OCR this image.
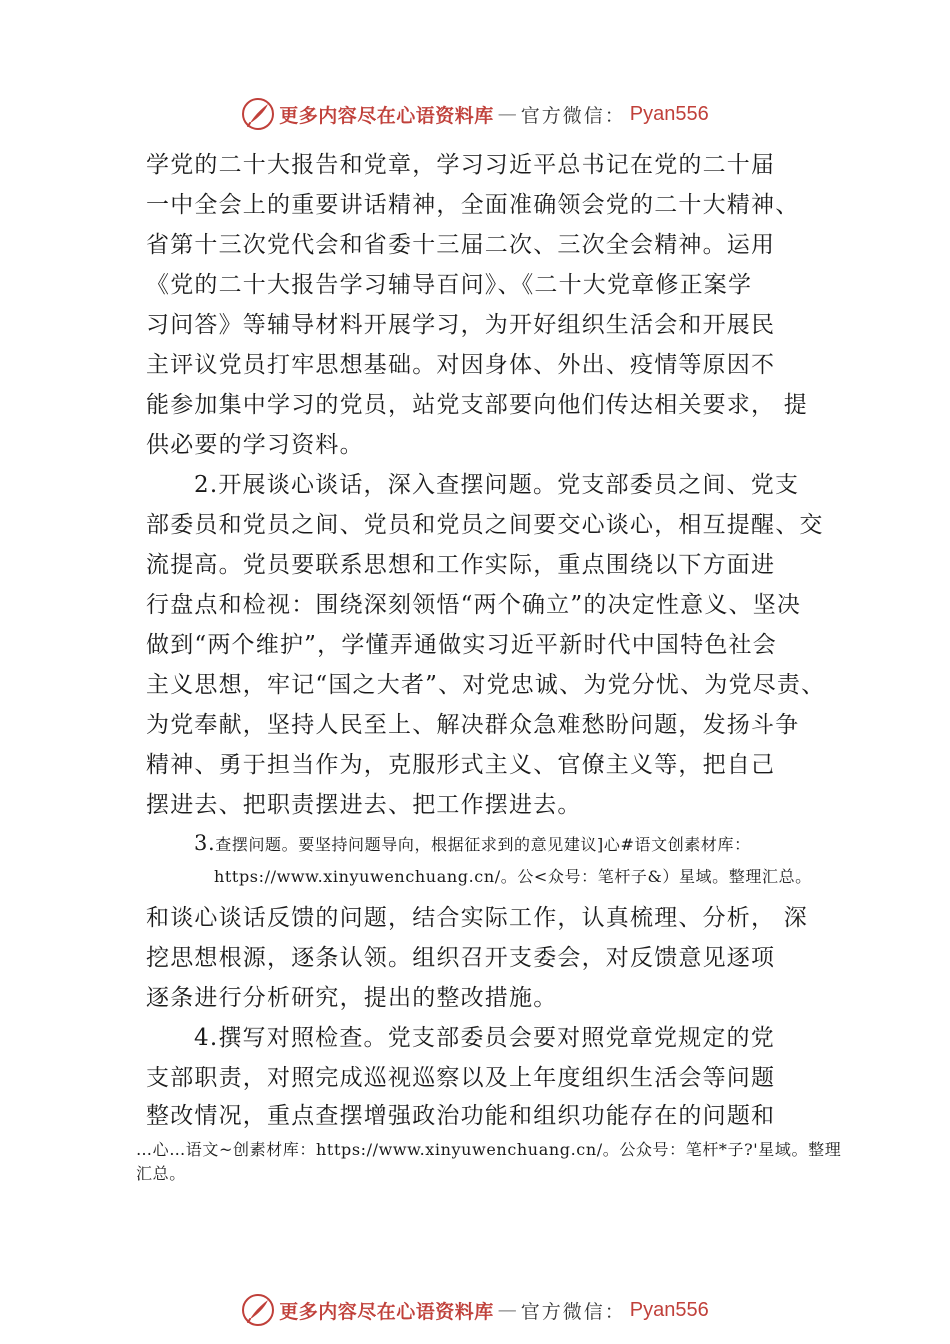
更多内容尽在心语资料库 — 官方微信： Pyan556
学党的二十大报告和党章，学习习近平总书记在党的二十届
一中全会上的重要讲话精神，全面准确领会党的二十大精神、
省第十三次党代会和省委十三届二次、三次全会精神。运用
《党的二十大报告学习辅导百问》、《二十大党章修正案学
习问答》等辅导材料开展学习，为开好组织生活会和开展民
主评议党员打牢思想基础。对因身体、外出、疫情等原因不
能参加集中学习的党员，站党支部要向他们传达相关要求， 提
供必要的学习资料。
2.开展谈心谈话，深入查摆问题。党支部委员之间、党支
部委员和党员之间、党员和党员之间要交心谈心，相互提醒、交
流提高。党员要联系思想和工作实际，重点围绕以下方面进
行盘点和检视：围绕深刻领悟“两个确立”的决定性意义、坚决
做到“两个维护”，学懂弄通做实习近平新时代中国特色社会
主义思想，牢记“国之大者”、对党忠诚、为党分忧、为党尽责、
为党奉献，坚持人民至上、解决群众急难愁盼问题，发扬斗争
精神、勇于担当作为，克服形式主义、官僚主义等，把自己
摆进去、把职责摆进去、把工作摆进去。
3.查摆问题。要坚持问题导向，根据征求到的意见建议]心#语文创素材库：
https://www.xinyuwenchuang.cn/。公<众号：笔杆子&）星域。整理汇总。
和谈心谈话反馈的问题，结合实际工作，认真梳理、分析， 深
挖思想根源，逐条认领。组织召开支委会，对反馈意见逐项
逐条进行分析研究，提出的整改措施。
4.撰写对照检查。党支部委员会要对照党章党规定的党
支部职责，对照完成巡视巡察以及上年度组织生活会等问题
整改情况，重点查摆增强政治功能和组织功能存在的问题和
…心…语文~创素材库：https://www.xinyuwenchuang.cn/。公众号：笔杆*子?'星域。整理
汇总。
更多内容尽在心语资料库 — 官方微信： Pyan556
